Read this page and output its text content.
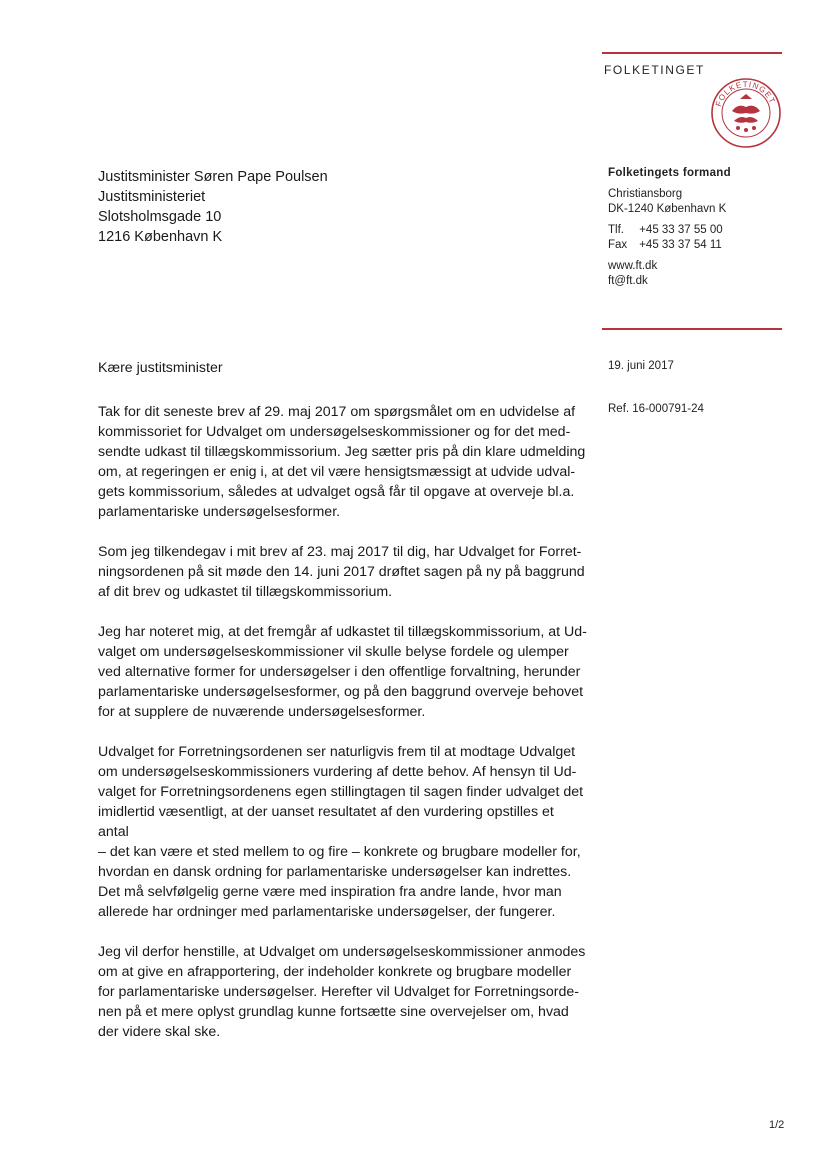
FOLKETINGET
FOLKETINGET
Folketingets formand
Christiansborg
DK-1240 København K
Tlf. +45 33 37 55 00
Fax +45 33 37 54 11
www.ft.dk
ft@ft.dk
19. juni 2017
Ref. 16-000791-24
Justitsminister Søren Pape Poulsen
Justitsministeriet
Slotsholmsgade 10
1216 København K
Kære justitsminister

Tak for dit seneste brev af 29. maj 2017 om spørgsmålet om en udvidelse af
kommissoriet for Udvalget om undersøgelseskommissioner og for det med-
sendte udkast til tillægskommissorium. Jeg sætter pris på din klare udmelding
om, at regeringen er enig i, at det vil være hensigtsmæssigt at udvide udval-
gets kommissorium, således at udvalget også får til opgave at overveje bl.a.
parlamentariske undersøgelsesformer.

Som jeg tilkendegav i mit brev af 23. maj 2017 til dig, har Udvalget for Forret-
ningsordenen på sit møde den 14. juni 2017 drøftet sagen på ny på baggrund
af dit brev og udkastet til tillægskommissorium.

Jeg har noteret mig, at det fremgår af udkastet til tillægskommissorium, at Ud-
valget om undersøgelseskommissioner vil skulle belyse fordele og ulemper
ved alternative former for undersøgelser i den offentlige forvaltning, herunder
parlamentariske undersøgelsesformer, og på den baggrund overveje behovet
for at supplere de nuværende undersøgelsesformer.

Udvalget for Forretningsordenen ser naturligvis frem til at modtage Udvalget
om undersøgelseskommissioners vurdering af dette behov. Af hensyn til Ud-
valget for Forretningsordenens egen stillingtagen til sagen finder udvalget det
imidlertid væsentligt, at der uanset resultatet af den vurdering opstilles et antal
– det kan være et sted mellem to og fire – konkrete og brugbare modeller for,
hvordan en dansk ordning for parlamentariske undersøgelser kan indrettes.
Det må selvfølgelig gerne være med inspiration fra andre lande, hvor man
allerede har ordninger med parlamentariske undersøgelser, der fungerer.

Jeg vil derfor henstille, at Udvalget om undersøgelseskommissioner anmodes
om at give en afrapportering, der indeholder konkrete og brugbare modeller
for parlamentariske undersøgelser. Herefter vil Udvalget for Forretningsorde-
nen på et mere oplyst grundlag kunne fortsætte sine overvejelser om, hvad
der videre skal ske.

1/2
